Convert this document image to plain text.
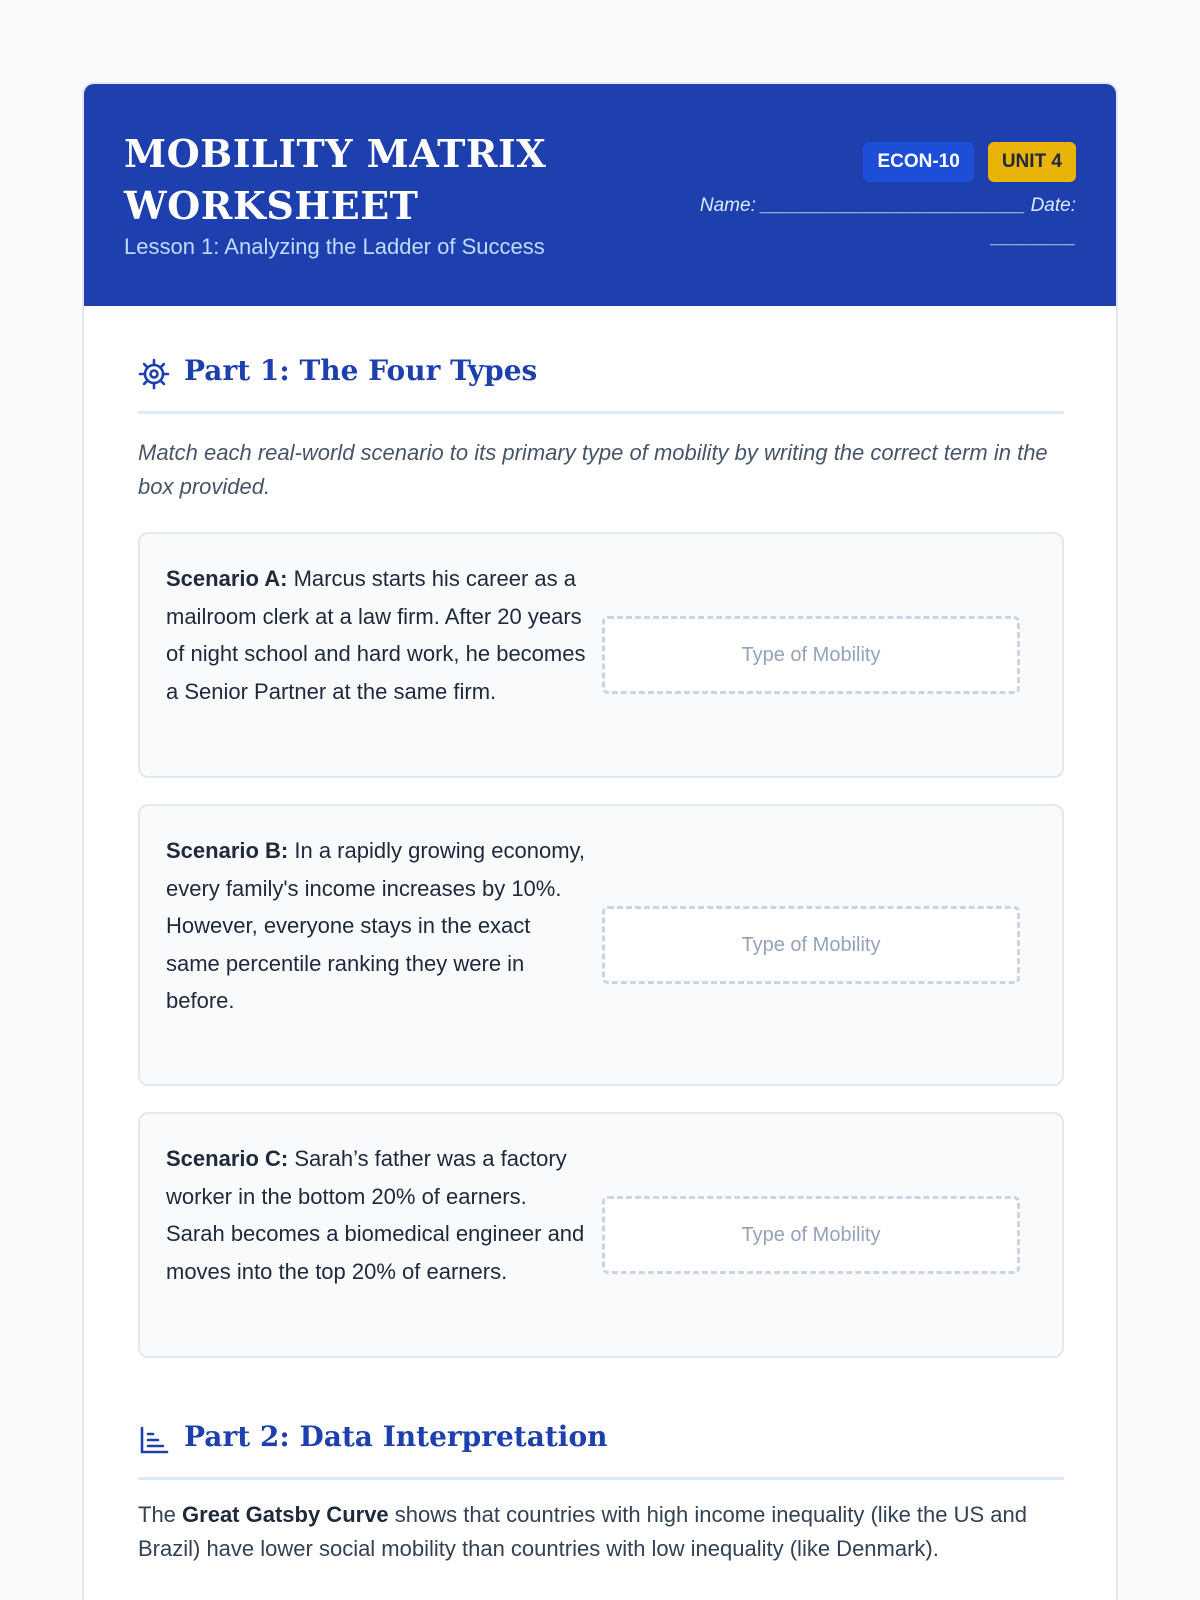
MOBILITY MATRIX WORKSHEET
Lesson 1: Analyzing the Ladder of Success
ECON-10	UNIT 4
Name: _________________________ Date: ________
Part 1: The Four Types

Match each real-world scenario to its primary type of mobility by writing the correct term in the box provided.

Scenario A: Marcus starts his career as a mailroom clerk at a law firm. After 20 years of night school and hard work, he becomes a Senior Partner at the same firm.

Type of Mobility

Scenario B: In a rapidly growing economy, every family's income increases by 10%. However, everyone stays in the exact same percentile ranking they were in before.

Type of Mobility

Scenario C: Sarah’s father was a factory worker in the bottom 20% of earners. Sarah becomes a biomedical engineer and moves into the top 20% of earners.

Type of Mobility
Part 2: Data Interpretation

The Great Gatsby Curve shows that countries with high income inequality (like the US and Brazil) have lower social mobility than countries with low inequality (like Denmark).
